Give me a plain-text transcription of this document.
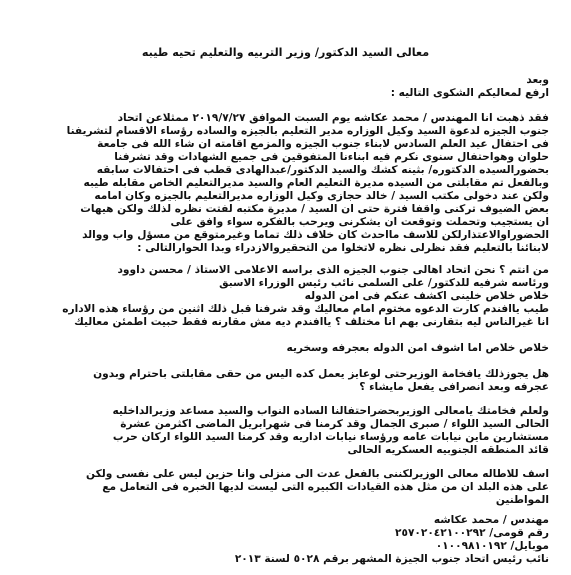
معالى السيد الدكتور/ وزير التربيه والتعليم تحيه طيبه
وبعد
ارفع لمعاليكم الشكوى التاليه :
فقد ذهبت انا المهندس / محمد عكاشه يوم السبت الموافق ٢٠١٩/٧/٢٧ ممثلاعن اتحاد
جنوب الجيزه لدعوة السيد وكيل الوزاره مدير التعليم بالجيزه والساده رؤساء الاقسام لتشريفنا
فى احتفال عيد العلم السادس لابناء جنوب الجيزه والمزمع اقامته ان شاء الله فى جامعة
حلوان وهواحتفال سنوى نكرم فيه ابناءنا المتفوقين فى جميع الشهادات وقد تشرفنا
بحضورالسيده الدكتوره/ بثينه كشك والسيد الدكتور/عبدالهادى قطب فى احتفالات سابقه
وبالفعل تم مقابلتى من السيده مديرة التعليم العام والسيد مديرالتعليم الخاص مقابله طيبه
ولكن عند دخولى مكتب السيد / خالد حجازى وكيل الوزاره مديرالتعليم بالجيزه وكان امامه
بعض الضيوف تركنى واقفا فترة حتى ان السيد / مديرة مكتبه لفتت نظره لذلك ولكن هيهات
ان يستجيب وتحملت وتوقعت ان يشكرنى ويرحب بالفكره سواء وافق على
الحضوراوالاعتذارلكن للاسف مااحدث كان خلاف ذلك تماما وغيرمتوقع من مسؤل واب ووالد
لابنائنا بالتعليم فقد نظرلى نظره لاتخلوا من التحقيروالازدراء وبدا الحوارالتالى :
من انتم ؟ نحن اتحاد اهالى جنوب الجيزه الذى براسه الاعلامى الاستاذ / محسن داوود
ورئاسه شرفيه للدكتور/ على السلمى نائب رئيس الوزراء الاسبق
خلاص خلاص خلينى اكشف عنكم فى امن الدوله
طيب ياافندم كارت الدعوه مختوم امام معاليك وقد شرفنا قبل ذلك اثنين من رؤساء هذه الاداره
انا غيرالناس ليه بتقارنى بهم انا مختلف ؟ ياافندم ديه مش مقارنه فقط حبيت اطمئن معاليك
خلاص خلاص اما اشوف امن الدوله بعجرفه وسخريه
هل يجوزذلك يافخامة الوزيرحتى لوعايز يعمل كده اليس من حقى مقابلتى باحترام وبدون
عجرفه وبعد انصرافى يفعل مايشاء ؟
ولعلم فخامتك يامعالى الوزيربحضراحتفالنا الساده النواب والسيد مساعد وزيرالداخليه
الحالى السيد اللواء / صبرى الجمال وقد كرمنا فى شهرابريل الماضى اكثرمن عشرة
مستشارين ماين نيابات عامه ورؤساء نيابات اداريه وقد كرمنا السيد اللواء اركان حرب
قائد المنطقه الجنوبيه العسكريه الحالى
اسف للاطاله معالى الوزيرلكننى بالفعل عدت الى منزلى وانا حزين ليس على نفسى ولكن
على هذه البلد ان من مثل هذه القيادات الكبيره التى ليست لديها الخبره فى التعامل مع
المواطنين
مهندس / محمد عكاشه
رقم قومى/ ٢٥٧٠٢٠٤٢١٠٠٢٩٢
موبايل/ ٠١٠٠٩٨١٠١٩٢
نائب رئيس اتحاد جنوب الجيزة المشهر برقم ٥٠٢٨ لسنة ٢٠١٣
